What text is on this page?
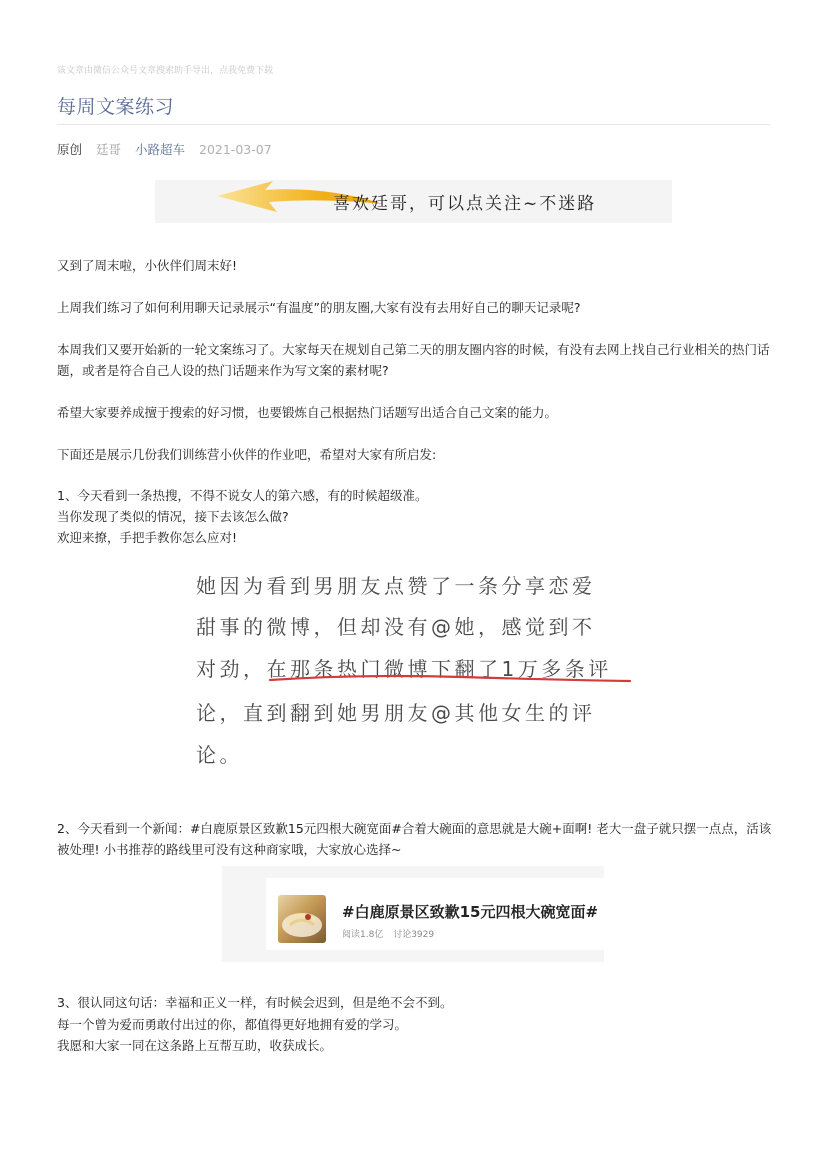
该文章由微信公众号文章搜索助手导出，点我免费下载
每周文案练习
原创 廷哥 小路超车 2021-03-07
喜欢廷哥，可以点关注~不迷路
又到了周末啦，小伙伴们周末好!
上周我们练习了如何利用聊天记录展示“有温度”的朋友圈,大家有没有去用好自己的聊天记录呢?
本周我们又要开始新的一轮文案练习了。大家每天在规划自己第二天的朋友圈内容的时候，有没有去网上找自己行业相关的热门话题，或者是符合自己人设的热门话题来作为写文案的素材呢?
希望大家要养成擅于搜索的好习惯，也要锻炼自己根据热门话题写出适合自己文案的能力。
下面还是展示几份我们训练营小伙伴的作业吧，希望对大家有所启发:
1、今天看到一条热搜，不得不说女人的第六感，有的时候超级准。
当你发现了类似的情况，接下去该怎么做?
欢迎来撩，手把手教你怎么应对!
她因为看到男朋友点赞了一条分享恋爱
甜事的微博，但却没有@她，感觉到不
对劲，在那条热门微博下翻了1万多条评
论，直到翻到她男朋友@其他女生的评
论。
2、今天看到一个新闻：#白鹿原景区致歉15元四根大碗宽面#合着大碗面的意思就是大碗+面啊! 老大一盘子就只摆一点点，活该被处理! 小书推荐的路线里可没有这种商家哦，大家放心选择~
#白鹿原景区致歉15元四根大碗宽面#
阅读1.8亿 讨论3929
3、很认同这句话：幸福和正义一样，有时候会迟到，但是绝不会不到。
每一个曾为爱而勇敢付出过的你，都值得更好地拥有爱的学习。
我愿和大家一同在这条路上互帮互助，收获成长。
